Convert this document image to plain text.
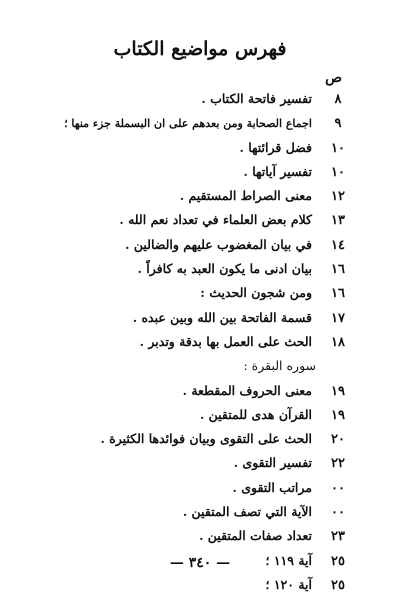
فهرس مواضيع الكتاب
ص
٨
تفسير فاتحة الكتاب .
٩
اجماع الصحابة ومن بعدهم على ان البسملة جزء منها ؛
١٠
فضل قرائتها .
١٠
تفسير آياتها .
١٢
معنى الصراط المستقيم .
١٣
كلام بعض العلماء في تعداد نعم الله .
١٤
في بيان المغضوب عليهم والضالين .
١٦
بيان ادنى ما يكون العبد به كافراً .
١٦
ومن شجون الحديث :
١٧
قسمة الفاتحة بين الله وبين عبده .
١٨
الحث على العمل بها بدقة وتدبر .
سوره البقرة :
١٩
معنى الحروف المقطعة .
١٩
القرآن هدى للمتقين .
٢٠
الحث على التقوى وبيان فوائدها الكثيرة .
٢٢
تفسير التقوى .
٠٠
مراتب التقوى .
٠٠
الآية التي تصف المتقين .
٢٣
تعداد صفات المتقين .
٢٥
آية ١١٩ ؛
٢٥
آية ١٢٠ ؛
— ٣٤٠ —
